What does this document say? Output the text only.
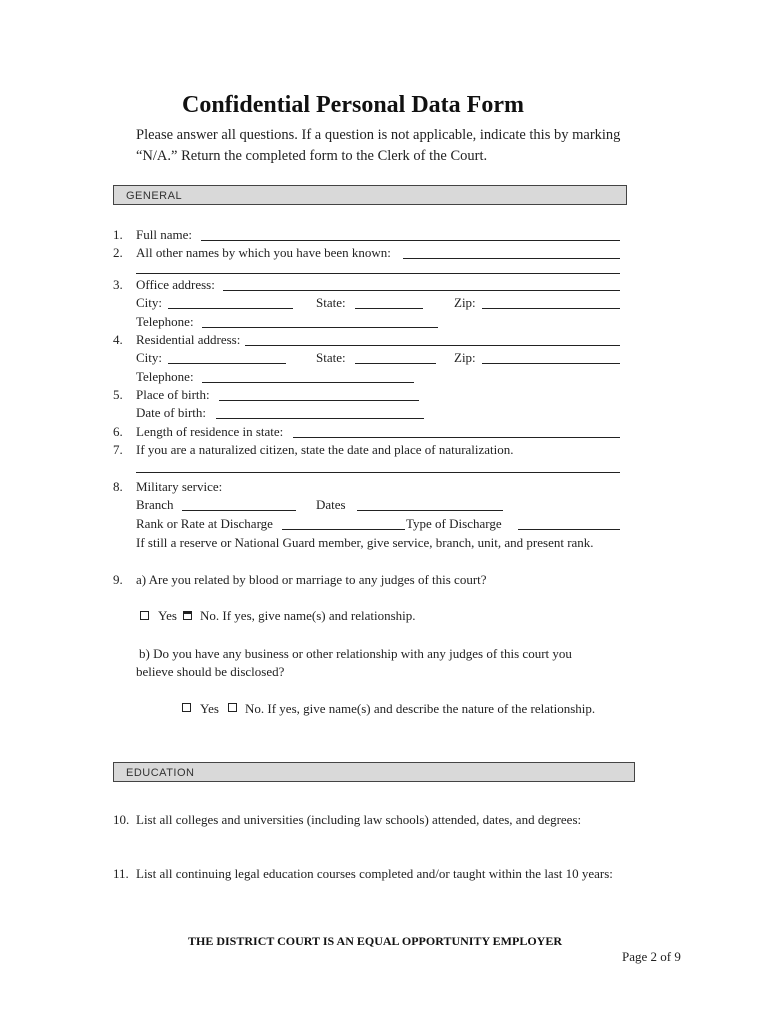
Confidential Personal Data Form
Please answer all questions. If a question is not applicable, indicate this by marking
“N/A.” Return the completed form to the Clerk of the Court.
GENERAL
1. Full name:
2. All other names by which you have been known:
3. Office address:
City:	State:	Zip:
Telephone:
4. Residential address:
City:	State:	Zip:
Telephone:
5. Place of birth:
Date of birth:
6. Length of residence in state:
7. If you are a naturalized citizen, state the date and place of naturalization.
8. Military service:
Branch	Dates
Rank or Rate at Discharge	Type of Discharge
If still a reserve or National Guard member, give service, branch, unit, and present rank.
9. a) Are you related by blood or marriage to any judges of this court?
Yes No. If yes, give name(s) and relationship.
b) Do you have any business or other relationship with any judges of this court you
believe should be disclosed?
Yes No. If yes, give name(s) and describe the nature of the relationship.
EDUCATION
10. List all colleges and universities (including law schools) attended, dates, and degrees:
11. List all continuing legal education courses completed and/or taught within the last 10 years:
THE DISTRICT COURT IS AN EQUAL OPPORTUNITY EMPLOYER
Page 2 of 9
